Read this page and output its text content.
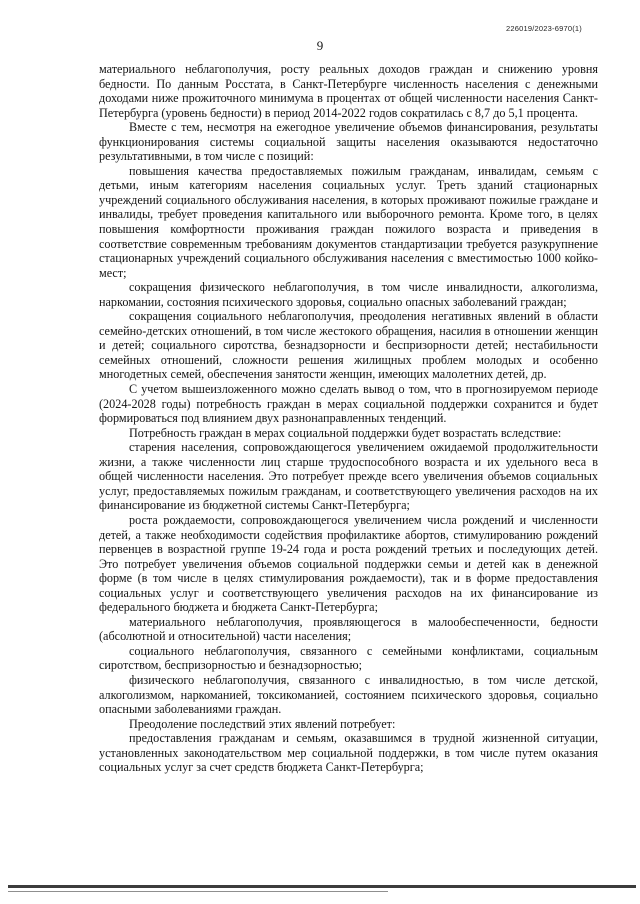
226019/2023-6970(1)
9

материального неблагополучия, росту реальных доходов граждан и снижению уровня бедности. По данным Росстата, в Санкт-Петербурге численность населения с денежными доходами ниже прожиточного минимума в процентах от общей численности населения Санкт-Петербурга (уровень бедности) в период 2014-2022 годов сократилась с 8,7 до 5,1 процента.

Вместе с тем, несмотря на ежегодное увеличение объемов финансирования, результаты функционирования системы социальной защиты населения оказываются недостаточно результативными, в том числе с позиций:

повышения качества предоставляемых пожилым гражданам, инвалидам, семьям с детьми, иным категориям населения социальных услуг. Треть зданий стационарных учреждений социального обслуживания населения, в которых проживают пожилые граждане и инвалиды, требует проведения капитального или выборочного ремонта. Кроме того, в целях повышения комфортности проживания граждан пожилого возраста и приведения в соответствие современным требованиям документов стандартизации требуется разукрупнение стационарных учреждений социального обслуживания населения с вместимостью 1000 койко-мест;

сокращения физического неблагополучия, в том числе инвалидности, алкоголизма, наркомании, состояния психического здоровья, социально опасных заболеваний граждан;

сокращения социального неблагополучия, преодоления негативных явлений в области семейно-детских отношений, в том числе жестокого обращения, насилия в отношении женщин и детей; социального сиротства, безнадзорности и беспризорности детей; нестабильности семейных отношений, сложности решения жилищных проблем молодых и особенно многодетных семей, обеспечения занятости женщин, имеющих малолетних детей, др.

С учетом вышеизложенного можно сделать вывод о том, что в прогнозируемом периоде (2024-2028 годы) потребность граждан в мерах социальной поддержки сохранится и будет формироваться под влиянием двух разнонаправленных тенденций.

Потребность граждан в мерах социальной поддержки будет возрастать вследствие:

старения населения, сопровождающегося увеличением ожидаемой продолжительности жизни, а также численности лиц старше трудоспособного возраста и их удельного веса в общей численности населения. Это потребует прежде всего увеличения объемов социальных услуг, предоставляемых пожилым гражданам, и соответствующего увеличения расходов на их финансирование из бюджетной системы Санкт-Петербурга;

роста рождаемости, сопровождающегося увеличением числа рождений и численности детей, а также необходимости содействия профилактике абортов, стимулированию рождений первенцев в возрастной группе 19-24 года и роста рождений третьих и последующих детей. Это потребует увеличения объемов социальной поддержки семьи и детей как в денежной форме (в том числе в целях стимулирования рождаемости), так и в форме предоставления социальных услуг и соответствующего увеличения расходов на их финансирование из федерального бюджета и бюджета Санкт-Петербурга;

материального неблагополучия, проявляющегося в малообеспеченности, бедности (абсолютной и относительной) части населения;

социального неблагополучия, связанного с семейными конфликтами, социальным сиротством, беспризорностью и безнадзорностью;

физического неблагополучия, связанного с инвалидностью, в том числе детской, алкоголизмом, наркоманией, токсикоманией, состоянием психического здоровья, социально опасными заболеваниями граждан.

Преодоление последствий этих явлений потребует:

предоставления гражданам и семьям, оказавшимся в трудной жизненной ситуации, установленных законодательством мер социальной поддержки, в том числе путем оказания социальных услуг за счет средств бюджета Санкт-Петербурга;
